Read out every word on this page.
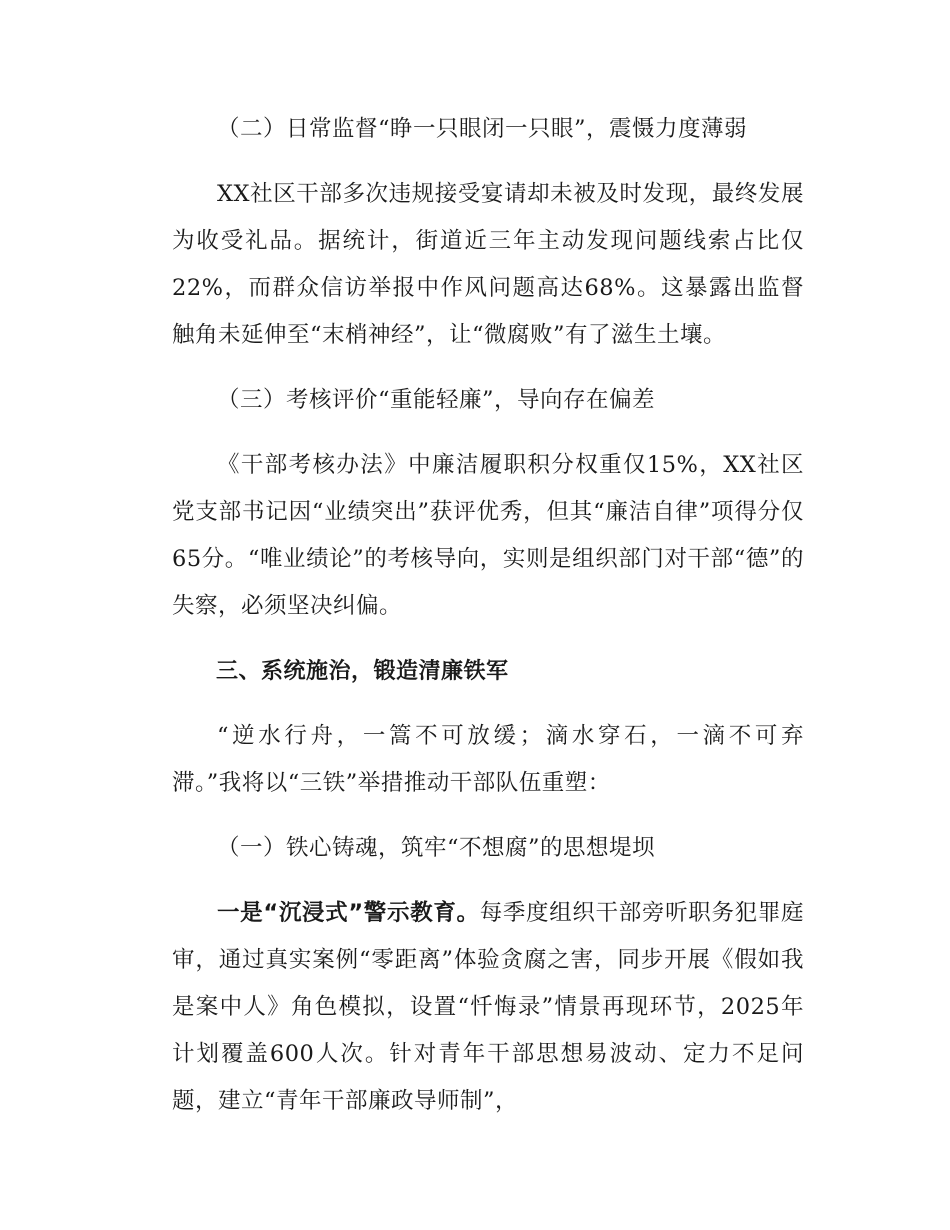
（二）日常监督“睁一只眼闭一只眼”，震慑力度薄弱

XX社区干部多次违规接受宴请却未被及时发现，最终发展为收受礼品。据统计，街道近三年主动发现问题线索占比仅22%，而群众信访举报中作风问题高达68%。这暴露出监督触角未延伸至“末梢神经”，让“微腐败”有了滋生土壤。

（三）考核评价“重能轻廉”，导向存在偏差

《干部考核办法》中廉洁履职积分权重仅15%，XX社区党支部书记因“业绩突出”获评优秀，但其“廉洁自律”项得分仅65分。“唯业绩论”的考核导向，实则是组织部门对干部“德”的失察，必须坚决纠偏。

三、系统施治，锻造清廉铁军

“逆水行舟，一篙不可放缓；滴水穿石，一滴不可弃滞。”我将以“三铁”举措推动干部队伍重塑：

（一）铁心铸魂，筑牢“不想腐”的思想堤坝

一是“沉浸式”警示教育。每季度组织干部旁听职务犯罪庭审，通过真实案例“零距离”体验贪腐之害，同步开展《假如我是案中人》角色模拟，设置“忏悔录”情景再现环节，2025年计划覆盖600人次。针对青年干部思想易波动、定力不足问题，建立“青年干部廉政导师制”，
